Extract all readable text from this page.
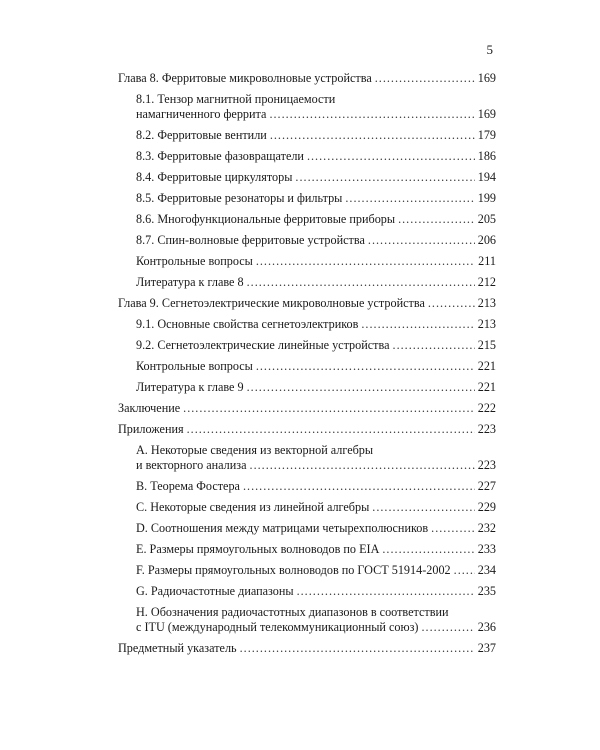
5
Глава 8. Ферритовые микроволновые устройства .....	169
8.1. Тензор магнитной проницаемости
намагниченного феррита .....	169
8.2. Ферритовые вентили .....	179
8.3. Ферритовые фазовращатели .....	186
8.4. Ферритовые циркуляторы .....	194
8.5. Ферритовые резонаторы и фильтры .....	199
8.6. Многофункциональные ферритовые приборы .....	205
8.7. Спин-волновые ферритовые устройства .....	206
Контрольные вопросы .....	211
Литература к главе 8 .....	212
Глава 9. Сегнетоэлектрические микроволновые устройства .....	213
9.1. Основные свойства сегнетоэлектриков .....	213
9.2. Сегнетоэлектрические линейные устройства .....	215
Контрольные вопросы .....	221
Литература к главе 9 .....	221
Заключение .....	222
Приложения .....	223
A. Некоторые сведения из векторной алгебры
и векторного анализа .....	223
B. Теорема Фостера .....	227
C. Некоторые сведения из линейной алгебры .....	229
D. Соотношения между матрицами четырехполюсников .....	232
E. Размеры прямоугольных волноводов по EIA .....	233
F. Размеры прямоугольных волноводов по ГОСТ 51914-2002 ..... 234
G. Радиочастотные диапазоны .....	235
H. Обозначения радиочастотных диапазонов в соответствии
с ITU (международный телекоммуникационный союз) .....	236
Предметный указатель .....	237
